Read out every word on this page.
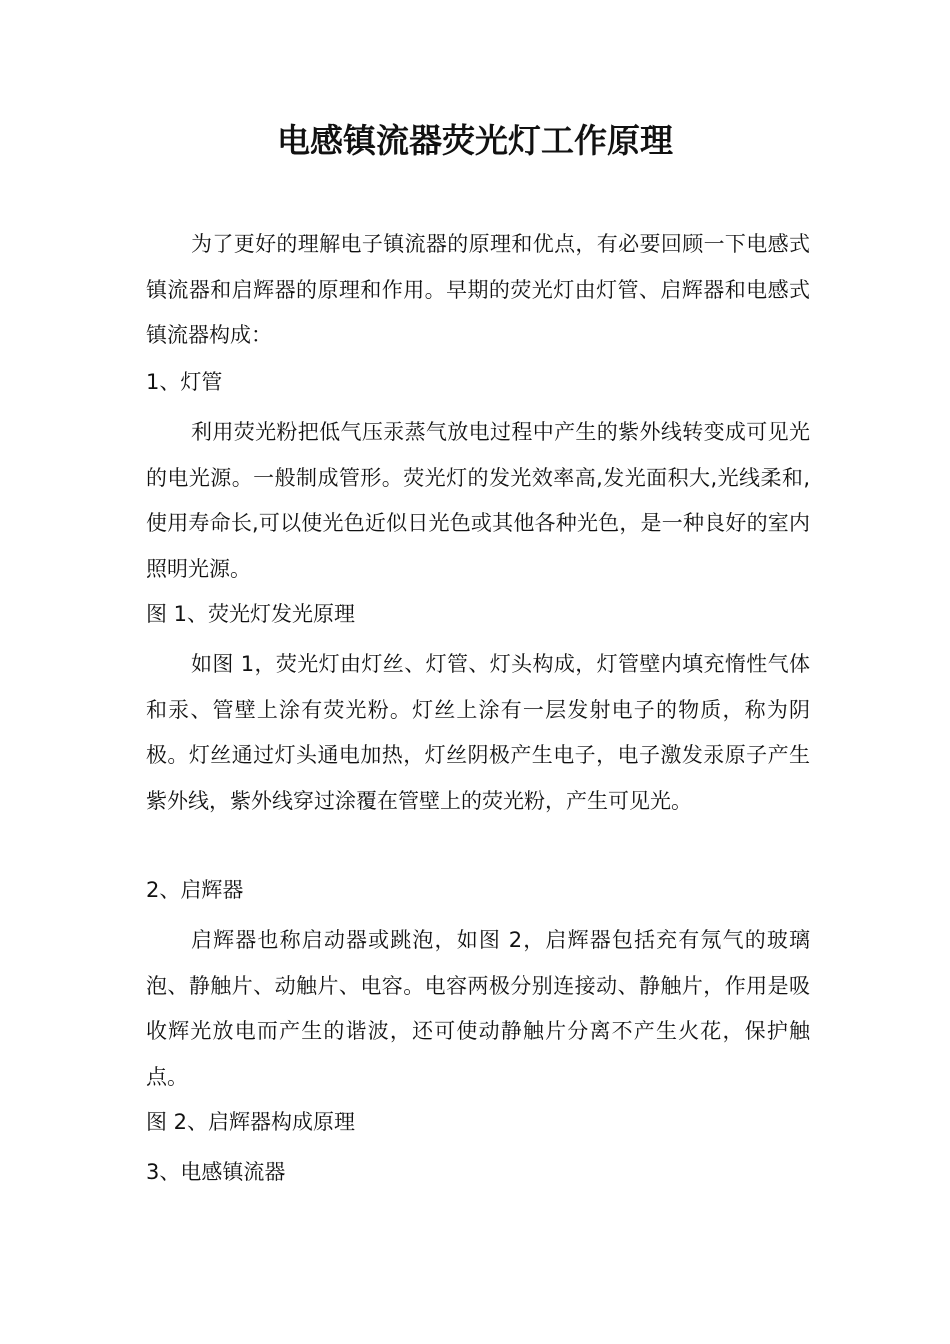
电感镇流器荧光灯工作原理

为了更好的理解电子镇流器的原理和优点，有必要回顾一下电感式镇流器和启辉器的原理和作用。早期的荧光灯由灯管、启辉器和电感式镇流器构成：

1、灯管

利用荧光粉把低气压汞蒸气放电过程中产生的紫外线转变成可见光的电光源。一般制成管形。荧光灯的发光效率高,发光面积大,光线柔和,使用寿命长,可以使光色近似日光色或其他各种光色，是一种良好的室内照明光源。

图 1、荧光灯发光原理

如图 1，荧光灯由灯丝、灯管、灯头构成，灯管壁内填充惰性气体和汞、管壁上涂有荧光粉。灯丝上涂有一层发射电子的物质，称为阴极。灯丝通过灯头通电加热，灯丝阴极产生电子，电子激发汞原子产生紫外线，紫外线穿过涂覆在管壁上的荧光粉，产生可见光。

2、启辉器

启辉器也称启动器或跳泡，如图 2，启辉器包括充有氖气的玻璃泡、静触片、动触片、电容。电容两极分别连接动、静触片，作用是吸收辉光放电而产生的谐波，还可使动静触片分离不产生火花，保护触点。

图 2、启辉器构成原理

3、电感镇流器
